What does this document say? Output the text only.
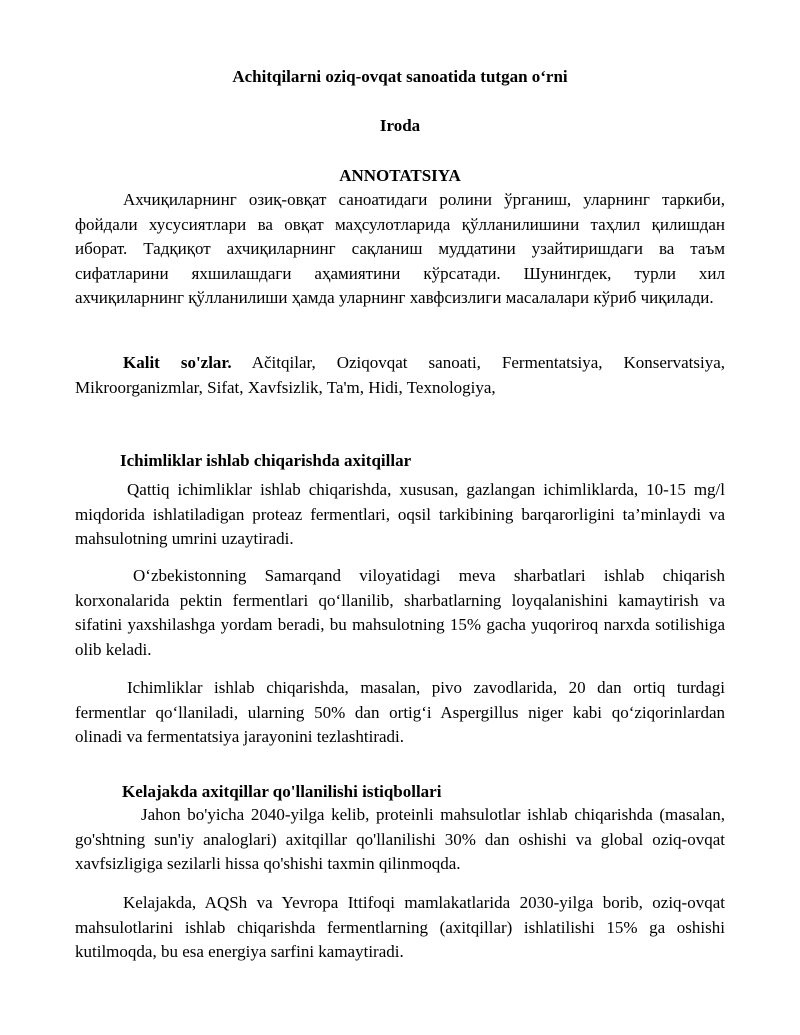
Achitqilarni oziq-ovqat sanoatida tutgan o‘rni

Iroda

ANNOTATSIYA

Ахчиқиларнинг озиқ-овқат саноатидаги ролини ўрганиш, уларнинг таркиби, фойдали хусусиятлари ва овқат маҳсулотларида қўлланилишини таҳлил қилишдан иборат. Тадқиқот ахчиқиларнинг сақланиш муддатини узайтиришдаги ва таъм сифатларини яхшилашдаги аҳамиятини кўрсатади. Шунингдек, турли хил ахчиқиларнинг қўлланилиши ҳамда уларнинг хавфсизлиги масалалари кўриб чиқилади.

Kalit so'zlar. Ačitqilar, Oziqovqat sanoati, Fermentatsiya, Konservatsiya, Mikroorganizmlar, Sifat, Xavfsizlik, Ta'm, Hidi, Texnologiya,

Ichimliklar ishlab chiqarishda axitqillar

Qattiq ichimliklar ishlab chiqarishda, xususan, gazlangan ichimliklarda, 10-15 mg/l miqdorida ishlatiladigan proteaz fermentlari, oqsil tarkibining barqarorligini ta’minlaydi va mahsulotning umrini uzaytiradi.

O‘zbekistonning Samarqand viloyatidagi meva sharbatlari ishlab chiqarish korxonalarida pektin fermentlari qo‘llanilib, sharbatlarning loyqalanishini kamaytirish va sifatini yaxshilashga yordam beradi, bu mahsulotning 15% gacha yuqoriroq narxda sotilishiga olib keladi.

Ichimliklar ishlab chiqarishda, masalan, pivo zavodlarida, 20 dan ortiq turdagi fermentlar qo‘llaniladi, ularning 50% dan ortig‘i Aspergillus niger kabi qo‘ziqorinlardan olinadi va fermentatsiya jarayonini tezlashtiradi.

Kelajakda axitqillar qo'llanilishi istiqbollari

Jahon bo'yicha 2040-yilga kelib, proteinli mahsulotlar ishlab chiqarishda (masalan, go'shtning sun'iy analoglari) axitqillar qo'llanilishi 30% dan oshishi va global oziq-ovqat xavfsizligiga sezilarli hissa qo'shishi taxmin qilinmoqda.

Kelajakda, AQSh va Yevropa Ittifoqi mamlakatlarida 2030-yilga borib, oziq-ovqat mahsulotlarini ishlab chiqarishda fermentlarning (axitqillar) ishlatilishi 15% ga oshishi kutilmoqda, bu esa energiya sarfini kamaytiradi.
